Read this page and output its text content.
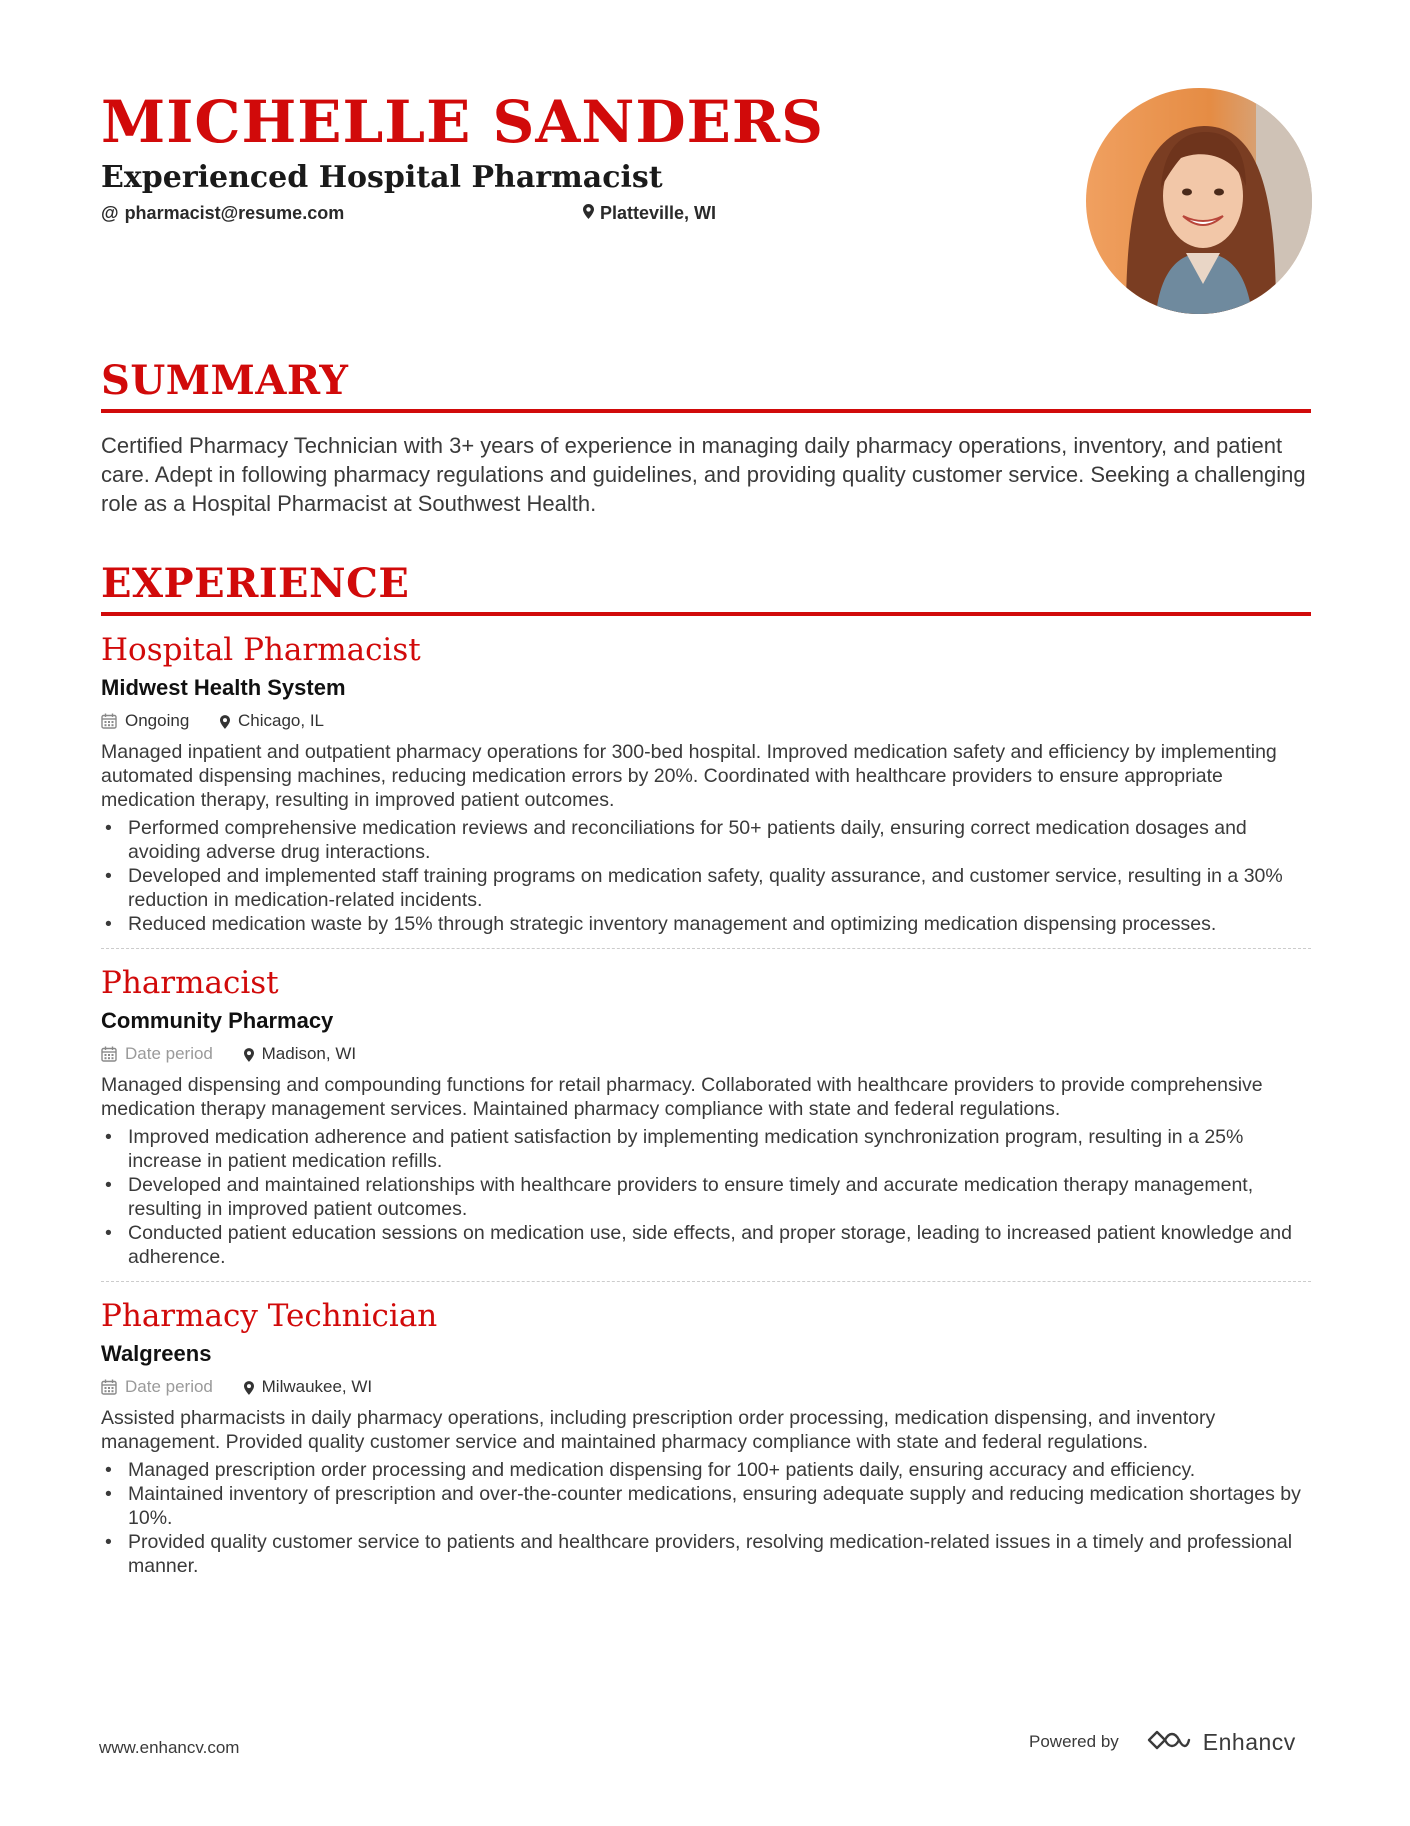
MICHELLE SANDERS
Experienced Hospital Pharmacist
@ pharmacist@resume.com	Platteville, WI
SUMMARY

Certified Pharmacy Technician with 3+ years of experience in managing daily pharmacy operations, inventory, and patient care. Adept in following pharmacy regulations and guidelines, and providing quality customer service. Seeking a challenging role as a Hospital Pharmacist at Southwest Health.

EXPERIENCE
Hospital Pharmacist
Midwest Health System
Ongoing	Chicago, IL

Managed inpatient and outpatient pharmacy operations for 300-bed hospital. Improved medication safety and efficiency by implementing automated dispensing machines, reducing medication errors by 20%. Coordinated with healthcare providers to ensure appropriate medication therapy, resulting in improved patient outcomes.

• Performed comprehensive medication reviews and reconciliations for 50+ patients daily, ensuring correct medication dosages and avoiding adverse drug interactions.
• Developed and implemented staff training programs on medication safety, quality assurance, and customer service, resulting in a 30% reduction in medication-related incidents.
• Reduced medication waste by 15% through strategic inventory management and optimizing medication dispensing processes.
Pharmacist
Community Pharmacy
Date period	Madison, WI

Managed dispensing and compounding functions for retail pharmacy. Collaborated with healthcare providers to provide comprehensive medication therapy management services. Maintained pharmacy compliance with state and federal regulations.

• Improved medication adherence and patient satisfaction by implementing medication synchronization program, resulting in a 25% increase in patient medication refills.
• Developed and maintained relationships with healthcare providers to ensure timely and accurate medication therapy management, resulting in improved patient outcomes.
• Conducted patient education sessions on medication use, side effects, and proper storage, leading to increased patient knowledge and adherence.
Pharmacy Technician
Walgreens
Date period	Milwaukee, WI

Assisted pharmacists in daily pharmacy operations, including prescription order processing, medication dispensing, and inventory management. Provided quality customer service and maintained pharmacy compliance with state and federal regulations.

• Managed prescription order processing and medication dispensing for 100+ patients daily, ensuring accuracy and efficiency.
• Maintained inventory of prescription and over-the-counter medications, ensuring adequate supply and reducing medication shortages by 10%.
• Provided quality customer service to patients and healthcare providers, resolving medication-related issues in a timely and professional manner.
www.enhancv.com	Powered by	Enhancv
